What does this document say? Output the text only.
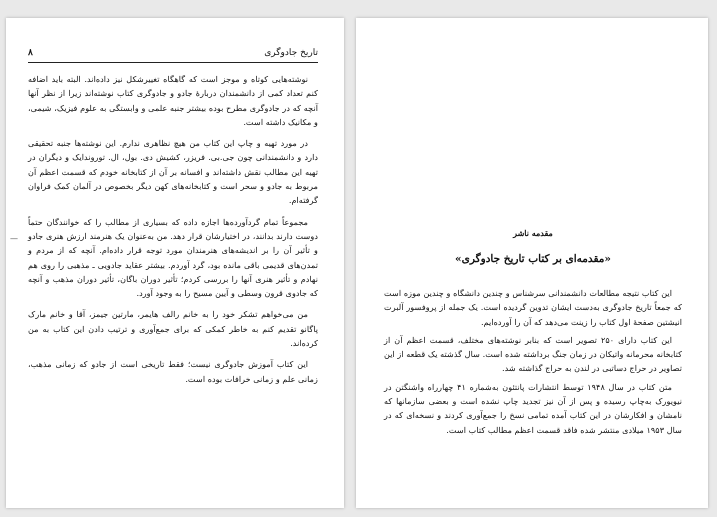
تاریخ جادوگری
۸
—

نوشته‌هایی کوتاه و موجز است که گاهگاه تغییرشکل نیز داده‌اند. البته باید اضافه کنم تعداد کمی از دانشمندان دربارهٔ جادو و جادوگری کتاب نوشته‌اند زیرا از نظر آنها آنچه که در جادوگری مطرح بوده بیشتر جنبه علمی و وابستگی به علوم فیزیک، شیمی، و مکانیک داشته است.

در مورد تهیه و چاپ این کتاب من هیچ نظاهری ندارم. این نوشته‌ها جنبه تحقیقی دارد و دانشمندانی چون جی.بی. فریزر، کشیش دی. بول، ال. توروندایک و دیگران در تهیه این مطالب نقش داشته‌اند و افسانه بر آن از کتابخانه خودم که قسمت اعظم آن مربوط به جادو و سحر است و کتابخانه‌های کهن دیگر بخصوص در آلمان کمک فراوان گرفته‌ام.

مجموعاً تمام گردآورده‌ها اجازه داده که بسیاری از مطالب را که خوانندگان حتماً دوست دارند بدانند، در اختیارشان قرار دهد. من به‌عنوان یک هنرمند ارزش هنری جادو و تأثیر آن را بر اندیشه‌های هنرمندان مورد توجه قرار داده‌ام. آنچه که از مردم و تمدن‌های قدیمی باقی مانده بود، گرد آوردم. بیشتر عقاید جادویی ـ مذهبی را روی هم نهادم و تأثیر هنری آنها را بررسی کردم؛ تأثیر دوران باگان، تأثیر دوران مذهب و آنچه که جادوی قرون وسطی و آیین مسیح را به وجود آورد.

من می‌خواهم تشکر خود را به خانم رالف هایمر، مارتین جیمز، آقا و خانم مارک پاگانو تقدیم کنم به خاطر کمکی که برای جمع‌آوری و ترتیب دادن این کتاب به من کرده‌اند.

این کتاب آموزش جادوگری نیست؛ فقط تاریخی است از جادو که زمانی مذهب، زمانی علم و زمانی خرافات بوده است.

مقدمه ناشر
«مقدمه‌ای بر کتاب تاریخ جادوگری»

این کتاب نتیجه مطالعات دانشمندانی سرشناس و چندین دانشگاه و چندین موزه است که جمعاً تاریخ جادوگری به‌دست ایشان تدوین گردیده است. یک جمله از پروفسور آلبرت انیشتین صفحهٔ اول کتاب را زینت می‌دهد که آن را آورده‌ایم.

این کتاب دارای ۲۵۰ تصویر است که بنابر نوشته‌های مختلف، قسمت اعظم آن از کتابخانه محرمانه واتیکان در زمان جنگ برداشته شده است. سال گذشته یک قطعه از این تصاویر در حراج دساتبی در لندن به حراج گذاشته شد.

متن کتاب در سال ۱۹۴۸ توسط انتشارات پانتئون به‌شماره ۴۱ چهارراه واشنگتن در نیویورک به‌چاپ رسیده و پس از آن نیز تجدید چاپ نشده است و بعضی سازمانها که نامشان و افکارشان در این کتاب آمده تمامی نسخ را جمع‌آوری کردند و نسخه‌ای که در سال ۱۹۵۳ میلادی منتشر شده فاقد قسمت اعظم مطالب کتاب است.
